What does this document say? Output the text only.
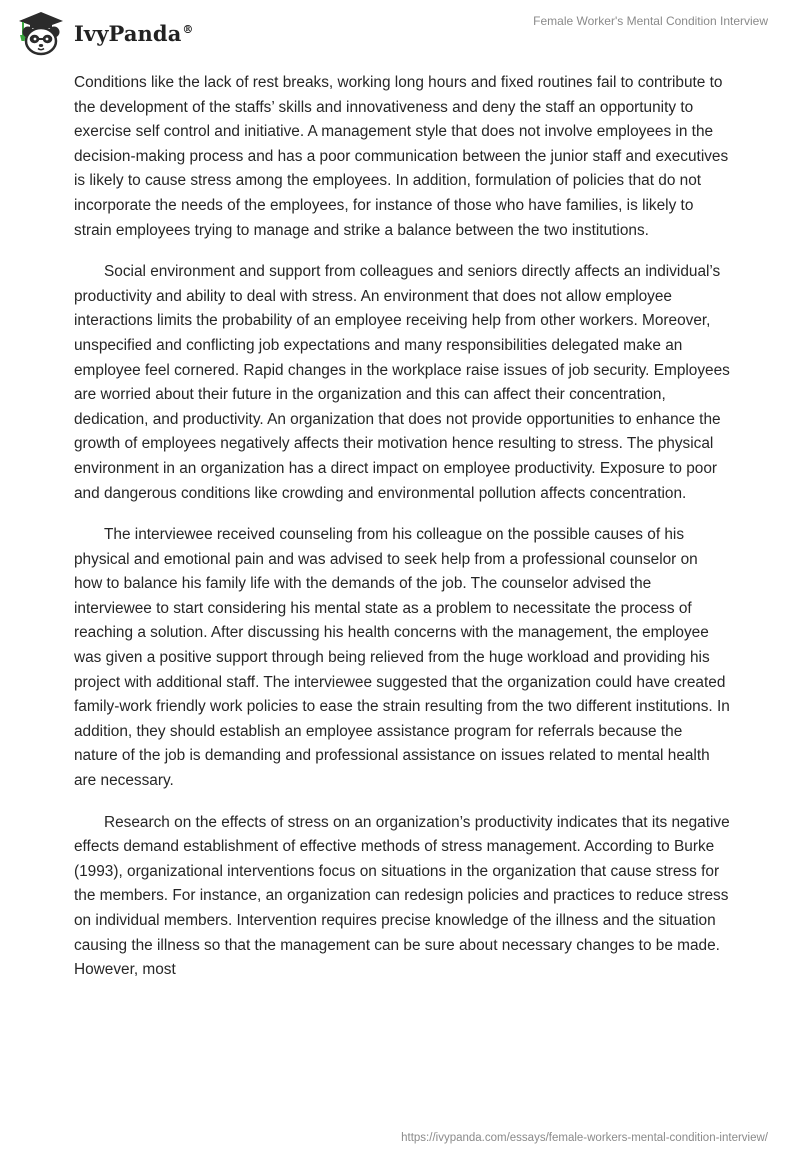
IvyPanda®
Female Worker's Mental Condition Interview

Conditions like the lack of rest breaks, working long hours and fixed routines fail to contribute to the development of the staffs’ skills and innovativeness and deny the staff an opportunity to exercise self control and initiative. A management style that does not involve employees in the decision-making process and has a poor communication between the junior staff and executives is likely to cause stress among the employees. In addition, formulation of policies that do not incorporate the needs of the employees, for instance of those who have families, is likely to strain employees trying to manage and strike a balance between the two institutions.

Social environment and support from colleagues and seniors directly affects an individual’s productivity and ability to deal with stress. An environment that does not allow employee interactions limits the probability of an employee receiving help from other workers. Moreover, unspecified and conflicting job expectations and many responsibilities delegated make an employee feel cornered. Rapid changes in the workplace raise issues of job security. Employees are worried about their future in the organization and this can affect their concentration, dedication, and productivity. An organization that does not provide opportunities to enhance the growth of employees negatively affects their motivation hence resulting to stress. The physical environment in an organization has a direct impact on employee productivity. Exposure to poor and dangerous conditions like crowding and environmental pollution affects concentration.

The interviewee received counseling from his colleague on the possible causes of his physical and emotional pain and was advised to seek help from a professional counselor on how to balance his family life with the demands of the job. The counselor advised the interviewee to start considering his mental state as a problem to necessitate the process of reaching a solution. After discussing his health concerns with the management, the employee was given a positive support through being relieved from the huge workload and providing his project with additional staff. The interviewee suggested that the organization could have created family-work friendly work policies to ease the strain resulting from the two different institutions. In addition, they should establish an employee assistance program for referrals because the nature of the job is demanding and professional assistance on issues related to mental health are necessary.

Research on the effects of stress on an organization’s productivity indicates that its negative effects demand establishment of effective methods of stress management. According to Burke (1993), organizational interventions focus on situations in the organization that cause stress for the members. For instance, an organization can redesign policies and practices to reduce stress on individual members. Intervention requires precise knowledge of the illness and the situation causing the illness so that the management can be sure about necessary changes to be made. However, most

https://ivypanda.com/essays/female-workers-mental-condition-interview/
